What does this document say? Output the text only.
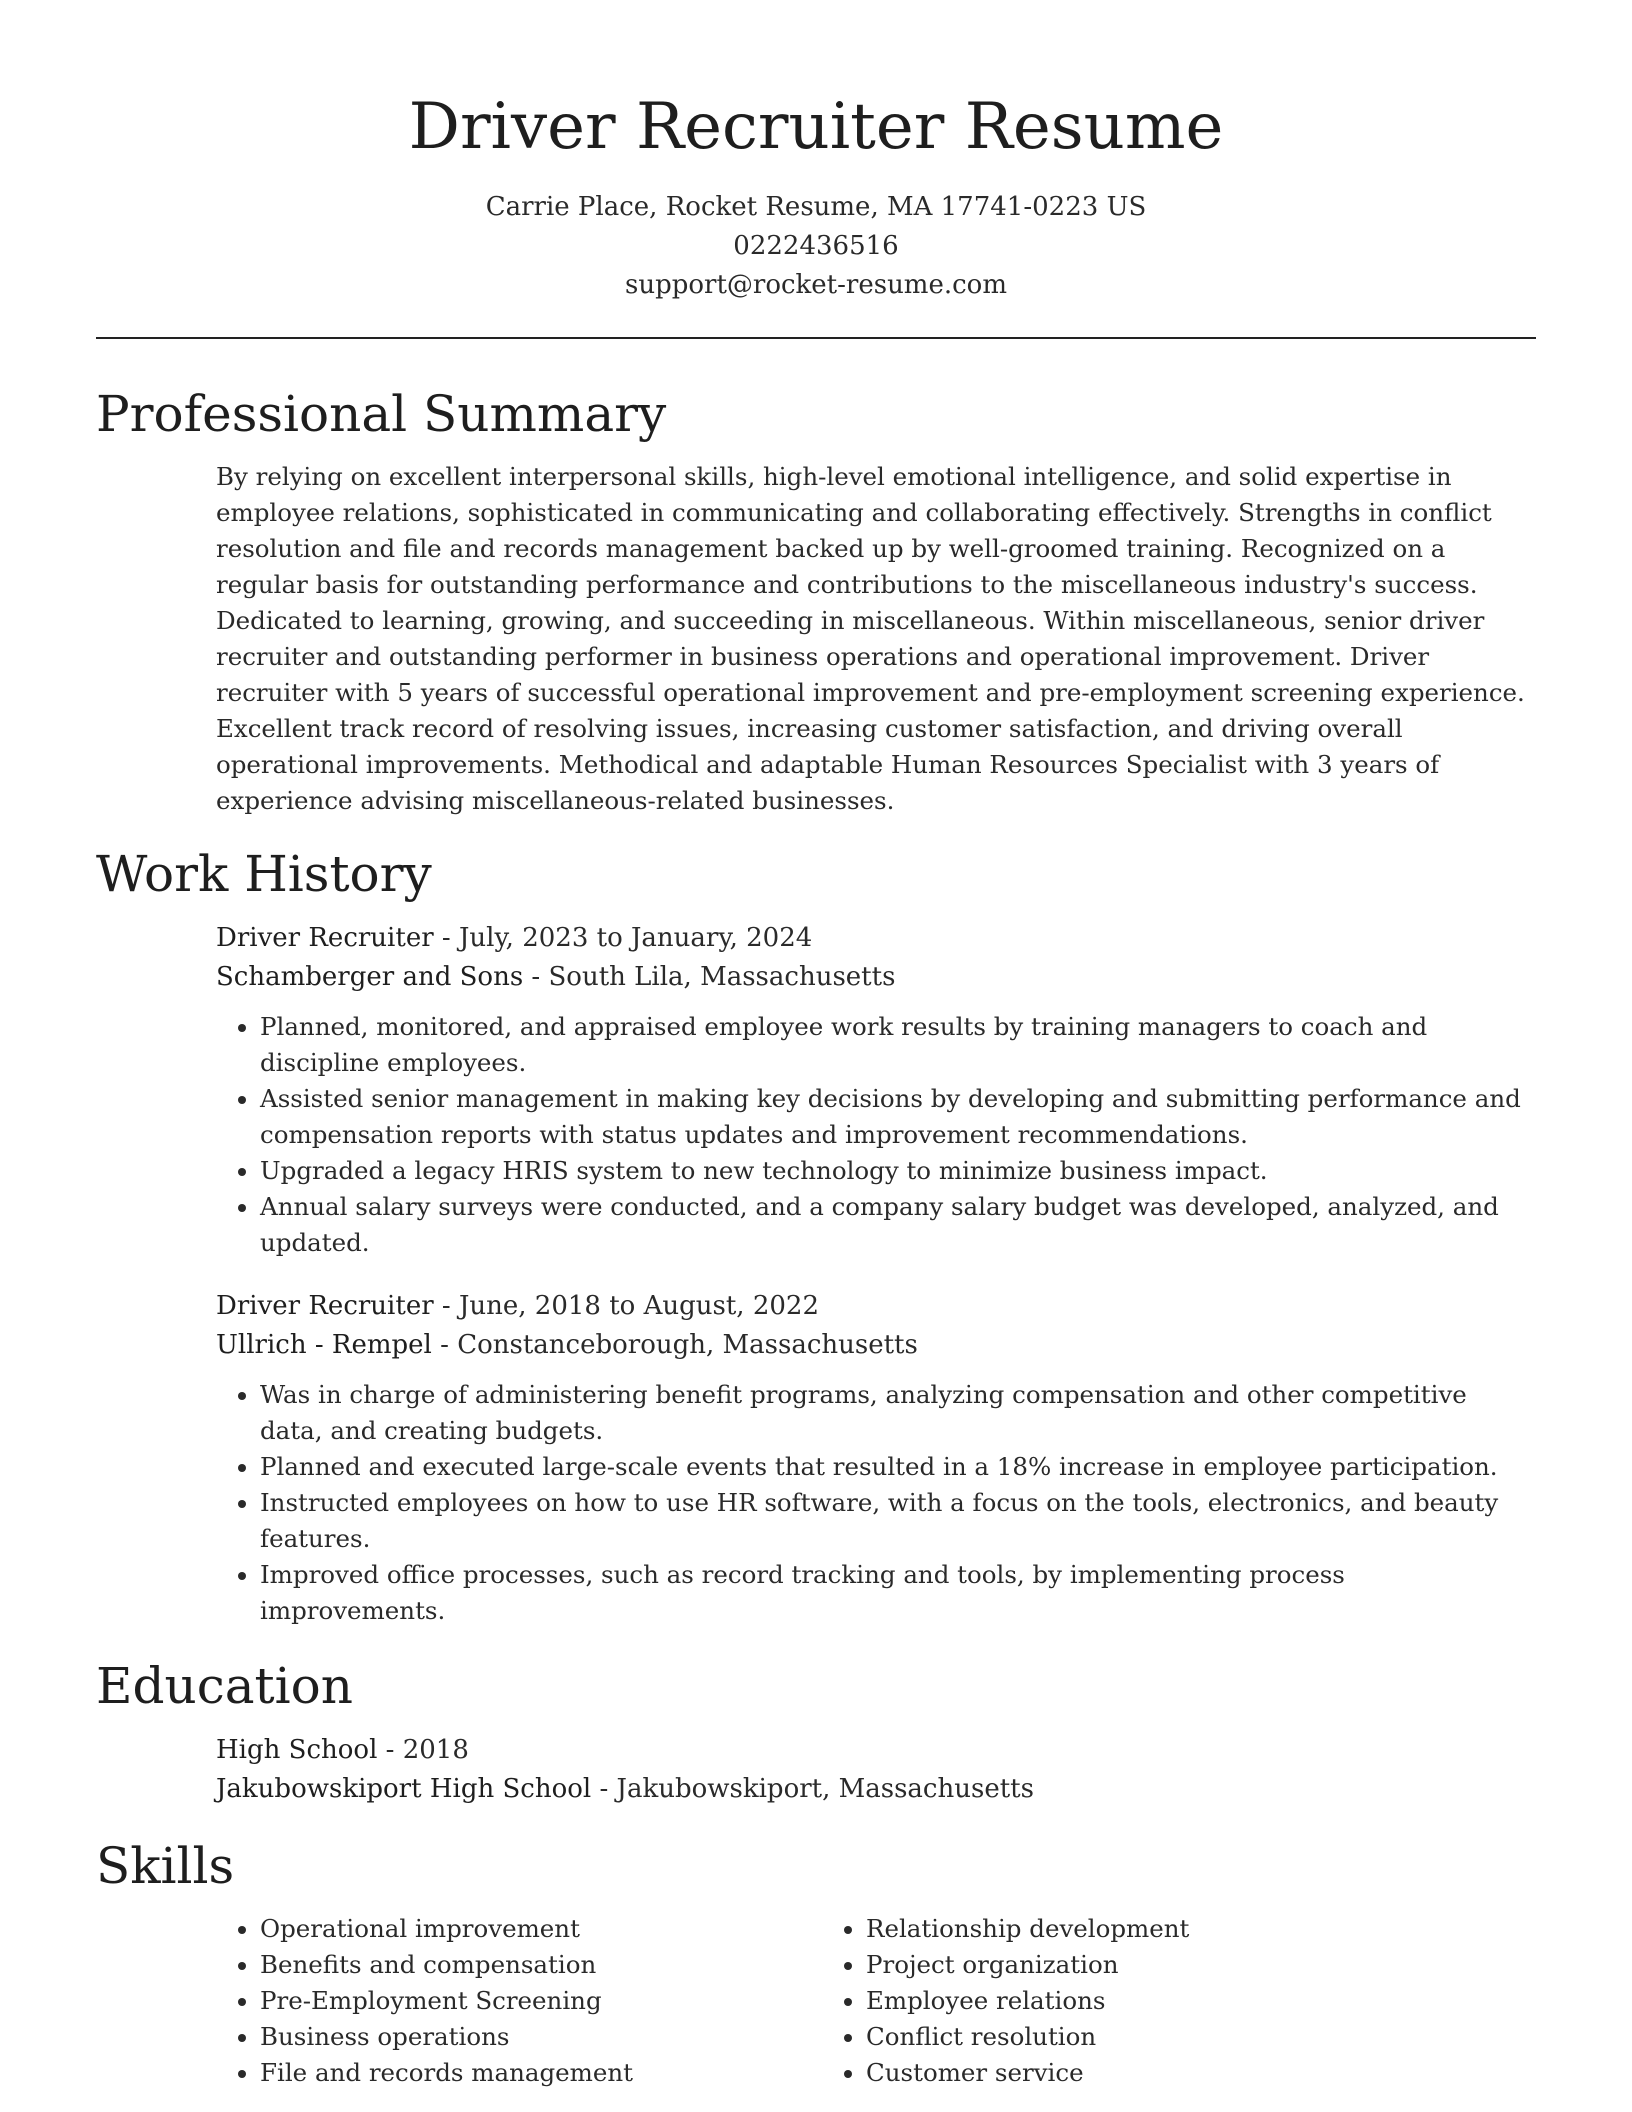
Driver Recruiter Resume
Carrie Place, Rocket Resume, MA 17741-0223 US
0222436516
support@rocket-resume.com
Professional Summary
By relying on excellent interpersonal skills, high-level emotional intelligence, and solid expertise in employee relations, sophisticated in communicating and collaborating effectively. Strengths in conflict resolution and file and records management backed up by well-groomed training. Recognized on a regular basis for outstanding performance and contributions to the miscellaneous industry's success. Dedicated to learning, growing, and succeeding in miscellaneous. Within miscellaneous, senior driver recruiter and outstanding performer in business operations and operational improvement. Driver recruiter with 5 years of successful operational improvement and pre-employment screening experience. Excellent track record of resolving issues, increasing customer satisfaction, and driving overall operational improvements. Methodical and adaptable Human Resources Specialist with 3 years of experience advising miscellaneous-related businesses.
Work History
Driver Recruiter - July, 2023 to January, 2024
Schamberger and Sons - South Lila, Massachusetts
• Planned, monitored, and appraised employee work results by training managers to coach and discipline employees.
• Assisted senior management in making key decisions by developing and submitting performance and compensation reports with status updates and improvement recommendations.
• Upgraded a legacy HRIS system to new technology to minimize business impact.
• Annual salary surveys were conducted, and a company salary budget was developed, analyzed, and updated.
Driver Recruiter - June, 2018 to August, 2022
Ullrich - Rempel - Constanceborough, Massachusetts
• Was in charge of administering benefit programs, analyzing compensation and other competitive data, and creating budgets.
• Planned and executed large-scale events that resulted in a 18% increase in employee participation.
• Instructed employees on how to use HR software, with a focus on the tools, electronics, and beauty features.
• Improved office processes, such as record tracking and tools, by implementing process improvements.
Education
High School - 2018
Jakubowskiport High School - Jakubowskiport, Massachusetts
Skills
• Operational improvement
• Benefits and compensation
• Pre-Employment Screening
• Business operations
• File and records management
• Relationship development
• Project organization
• Employee relations
• Conflict resolution
• Customer service
